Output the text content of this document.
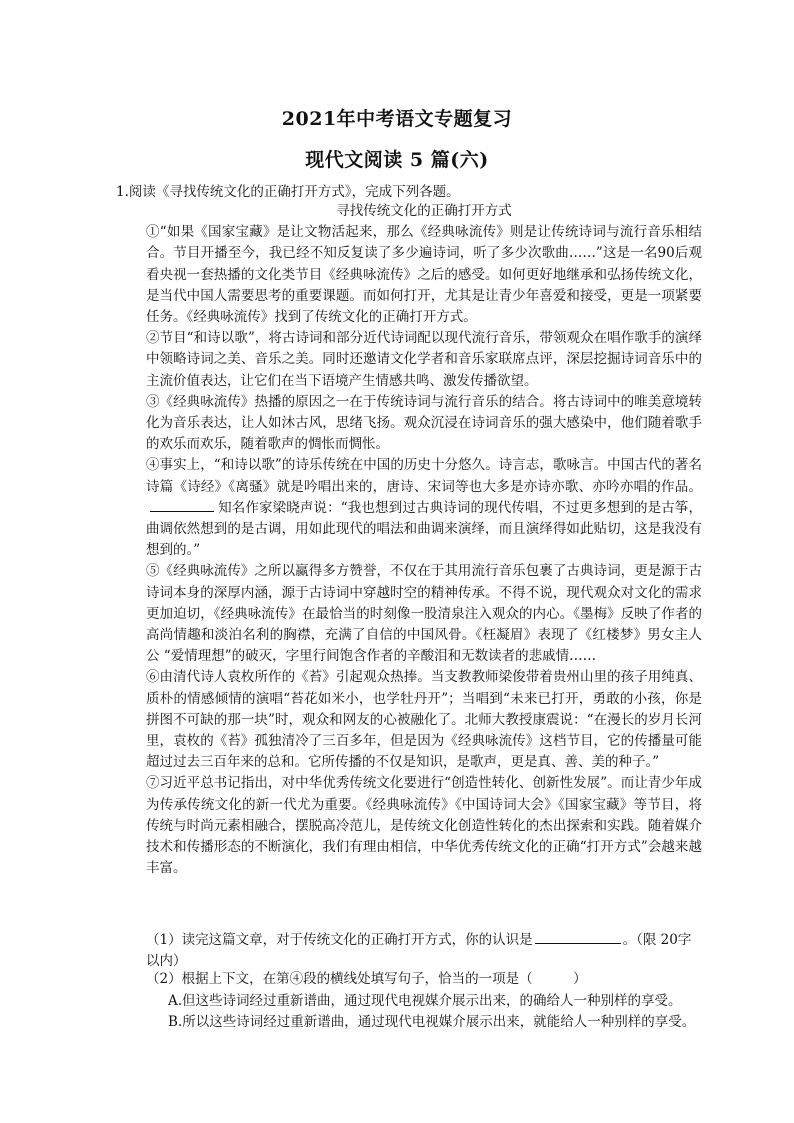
2021年中考语文专题复习
现代文阅读 5 篇(六)
1.阅读《寻找传统文化的正确打开方式》，完成下列各题。
寻找传统文化的正确打开方式

①“如果《国家宝藏》是让文物活起来，那么《经典咏流传》则是让传统诗词与流行音乐相结合。节目开播至今，我已经不知反复读了多少遍诗词，听了多少次歌曲……”这是一名90后观看央视一套热播的文化类节目《经典咏流传》之后的感受。如何更好地继承和弘扬传统文化，是当代中国人需要思考的重要课题。而如何打开，尤其是让青少年喜爱和接受，更是一项紧要任务。《经典咏流传》找到了传统文化的正确打开方式。

②节目“和诗以歌”，将古诗词和部分近代诗词配以现代流行音乐，带领观众在唱作歌手的演绎中领略诗词之美、音乐之美。同时还邀请文化学者和音乐家联席点评，深层挖掘诗词音乐中的主流价值表达，让它们在当下语境产生情感共鸣、激发传播欲望。

③《经典咏流传》热播的原因之一在于传统诗词与流行音乐的结合。将古诗词中的唯美意境转化为音乐表达，让人如沐古风，思绪飞扬。观众沉浸在诗词音乐的强大感染中，他们随着歌手的欢乐而欢乐，随着歌声的惆怅而惆怅。

④事实上，“和诗以歌”的诗乐传统在中国的历史十分悠久。诗言志，歌咏言。中国古代的著名诗篇《诗经》《离骚》就是吟唱出来的，唐诗、宋词等也大多是亦诗亦歌、亦吟亦唱的作品。知名作家梁晓声说：“我也想到过古典诗词的现代传唱，不过更多想到的是古筝，曲调依然想到的是古调，用如此现代的唱法和曲调来演绎，而且演绎得如此贴切，这是我没有想到的。”

⑤《经典咏流传》之所以赢得多方赞誉，不仅在于其用流行音乐包裹了古典诗词，更是源于古诗词本身的深厚内涵，源于古诗词中穿越时空的精神传承。不得不说，现代观众对文化的需求更加迫切，《经典咏流传》在最恰当的时刻像一股清泉注入观众的内心。《墨梅》反映了作者的高尚情趣和淡泊名利的胸襟，充满了自信的中国风骨。《枉凝眉》表现了《红楼梦》男女主人公 “爱情理想”的破灭，字里行间饱含作者的辛酸泪和无数读者的悲戚情……

⑥由清代诗人袁枚所作的《苔》引起观众热捧。当支教教师梁俊带着贵州山里的孩子用纯真、质朴的情感倾情的演唱“苔花如米小，也学牡丹开”；当唱到“未来已打开，勇敢的小孩，你是拼图不可缺的那一块”时，观众和网友的心被融化了。北师大教授康震说：“在漫长的岁月长河里，袁枚的《苔》孤独清冷了三百多年，但是因为《经典咏流传》这档节目，它的传播量可能超过过去三百年来的总和。它所传播的不仅是知识，是歌声，更是真、善、美的种子。”

⑦习近平总书记指出，对中华优秀传统文化要进行“创造性转化、创新性发展”。而让青少年成为传承传统文化的新一代尤为重要。《经典咏流传》《中国诗词大会》《国家宝藏》等节目，将传统与时尚元素相融合，摆脱高冷范儿，是传统文化创造性转化的杰出探索和实践。随着媒介技术和传播形态的不断演化，我们有理由相信，中华优秀传统文化的正确“打开方式”会越来越丰富。

（1）读完这篇文章，对于传统文化的正确打开方式，你的认识是	。（限 20字以内）
（2）根据上下文，在第④段的横线处填写句子，恰当的一项是（　　　）
A.但这些诗词经过重新谱曲，通过现代电视媒介展示出来，的确给人一种别样的享受。
B.所以这些诗词经过重新谱曲，通过现代电视媒介展示出来，就能给人一种别样的享受。
